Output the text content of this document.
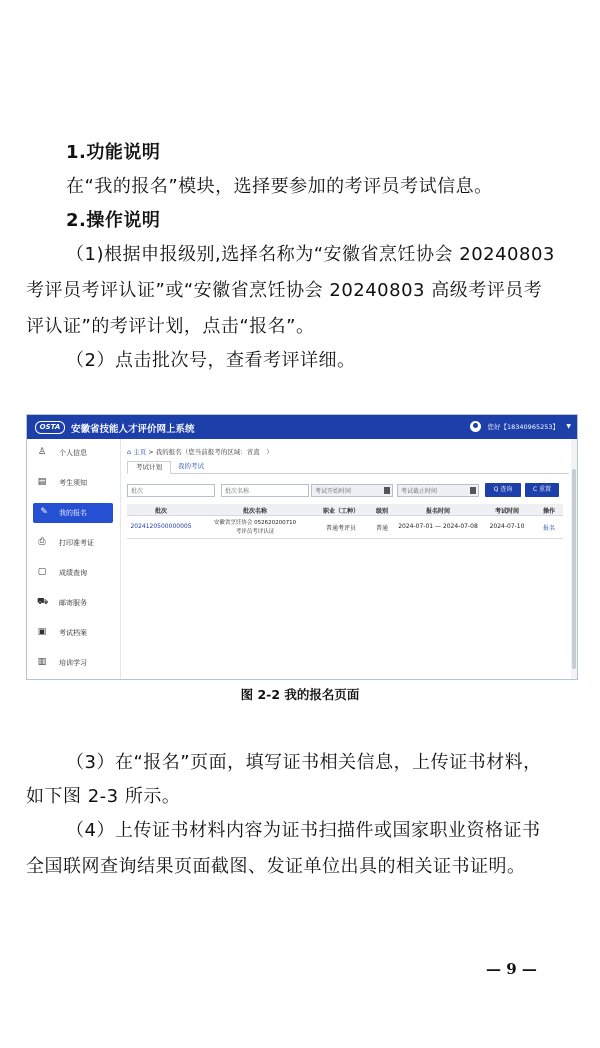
1.功能说明
在“我的报名”模块，选择要参加的考评员考试信息。
2.操作说明
（1)根据申报级别,选择名称为“安徽省烹饪协会 20240803
考评员考评认证”或“安徽省烹饪协会 20240803 高级考评员考
评认证”的考评计划，点击“报名”。
（2）点击批次号，查看考评详细。
OSTA	安徽省技能人才评价网上系统	您好【18340965253】 ▼
♙ 个人信息
▤ 考生须知
✎ 我的报名
⎙ 打印准考证
▢ 成绩查询
⛟ 邮寄服务
▣ 考试档案
▥ 培训学习
⌂ 主页 > 我的报名（您当前报考的区域：省直　）
考试计划	我的考试
批次	批次名称	考试开始时间	考试截止时间	Q 查询	C 重置
批次	批次名称	职业（工种）	级别	报名时间	考试时间	操作
2024120500000005	安徽省烹饪协会 052620200710
考评员考评认证	普通考评员	普通	2024-07-01 — 2024-07-08	2024-07-10	报名
图 2-2 我的报名页面
（3）在“报名”页面，填写证书相关信息，上传证书材料，
如下图 2-3 所示。
（4）上传证书材料内容为证书扫描件或国家职业资格证书
全国联网查询结果页面截图、发证单位出具的相关证书证明。
— 9 —
